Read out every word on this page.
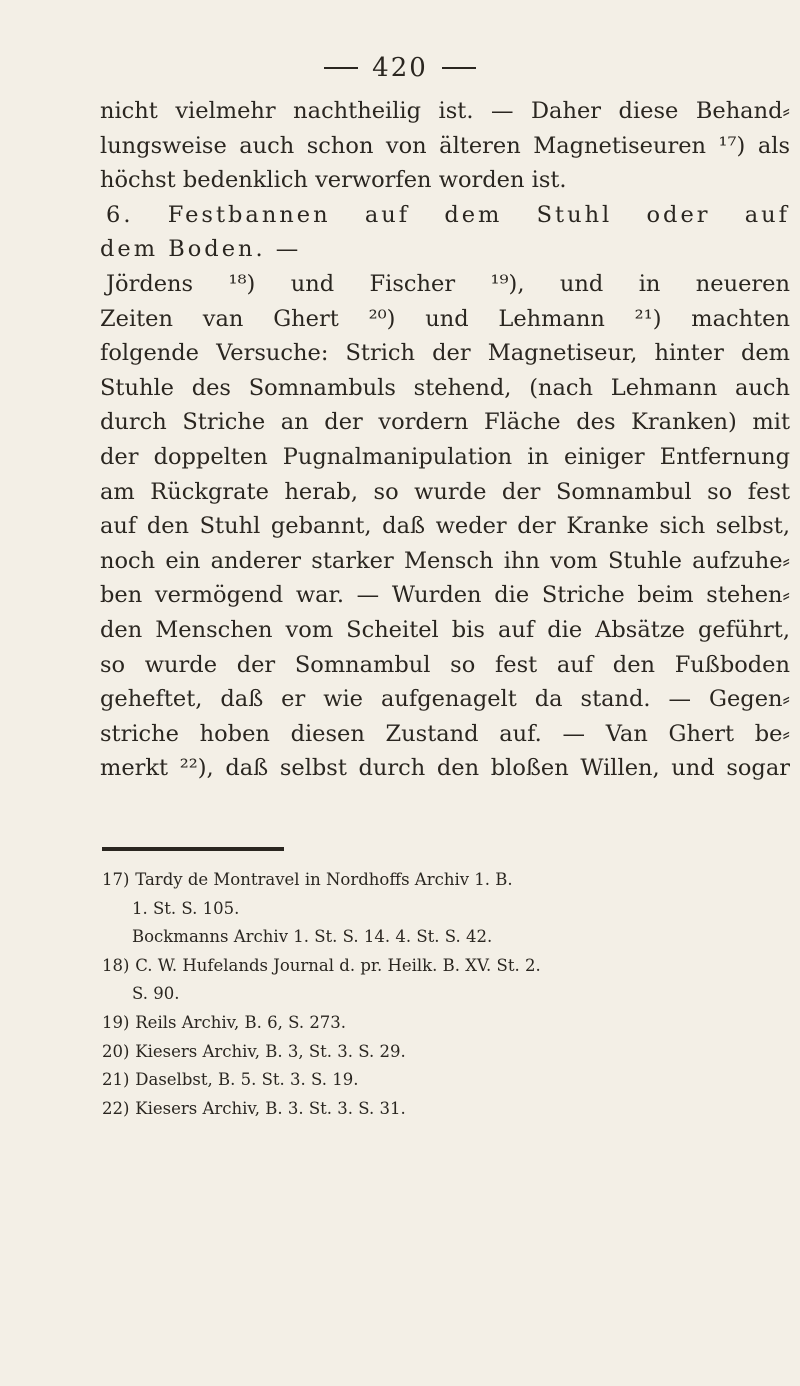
420
nicht vielmehr nachtheilig ist. — Daher diese Behand⸗
lungsweise auch schon von älteren Magnetiseuren ¹⁷) als
höchst bedenklich verworfen worden ist.
6. Festbannen auf dem Stuhl oder auf
dem Boden. —
Jördens ¹⁸) und Fischer ¹⁹), und in neueren
Zeiten van Ghert ²⁰) und Lehmann ²¹) machten
folgende Versuche: Strich der Magnetiseur, hinter dem
Stuhle des Somnambuls stehend, (nach Lehmann auch
durch Striche an der vordern Fläche des Kranken) mit
der doppelten Pugnalmanipulation in einiger Entfernung
am Rückgrate herab, so wurde der Somnambul so fest
auf den Stuhl gebannt, daß weder der Kranke sich selbst,
noch ein anderer starker Mensch ihn vom Stuhle aufzuhe⸗
ben vermögend war. — Wurden die Striche beim stehen⸗
den Menschen vom Scheitel bis auf die Absätze geführt,
so wurde der Somnambul so fest auf den Fußboden
geheftet, daß er wie aufgenagelt da stand. — Gegen⸗
striche hoben diesen Zustand auf. — Van Ghert be⸗
merkt ²²), daß selbst durch den bloßen Willen, und sogar
17) Tardy de Montravel in Nordhoffs Archiv 1. B.
1. St. S. 105.
Bockmanns Archiv 1. St. S. 14. 4. St. S. 42.
18) C. W. Hufelands Journal d. pr. Heilk. B. XV. St. 2.
S. 90.
19) Reils Archiv, B. 6, S. 273.
20) Kiesers Archiv, B. 3, St. 3. S. 29.
21) Daselbst, B. 5. St. 3. S. 19.
22) Kiesers Archiv, B. 3. St. 3. S. 31.
